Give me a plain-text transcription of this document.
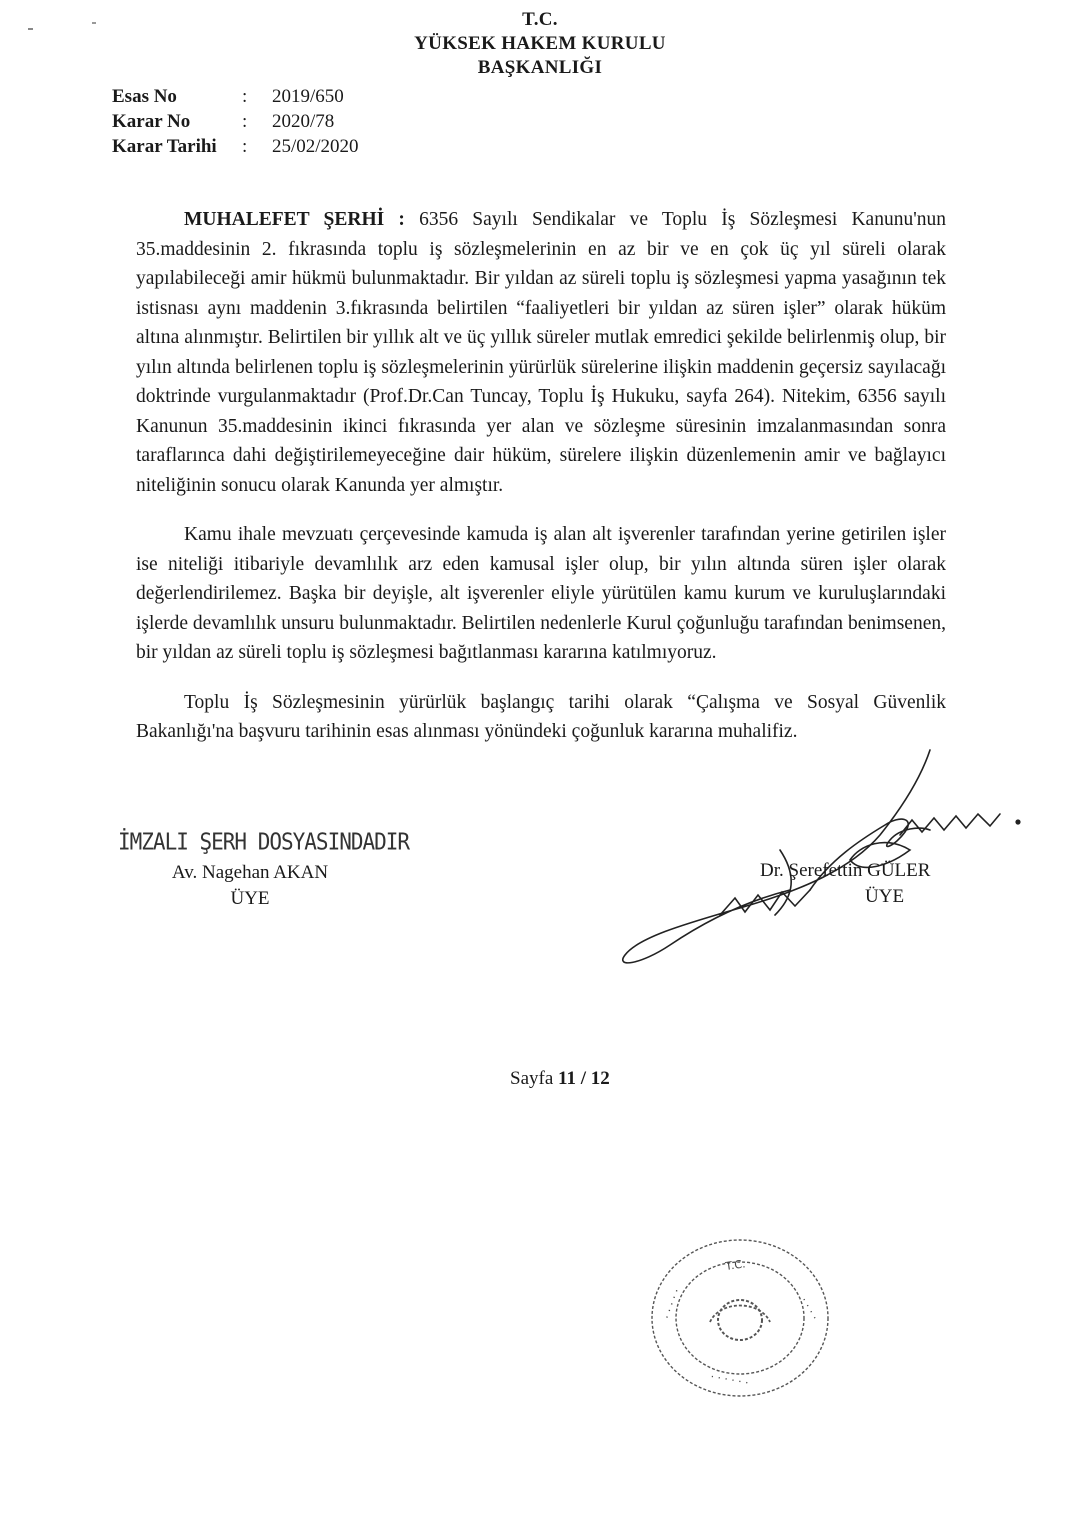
T.C.
YÜKSEK HAKEM KURULU
BAŞKANLIĞI
Esas No	:	2019/650
Karar No	:	2020/78
Karar Tarihi	:	25/02/2020

MUHALEFET ŞERHİ : 6356 Sayılı Sendikalar ve Toplu İş Sözleşmesi Kanunu'nun 35.maddesinin 2. fıkrasında toplu iş sözleşmelerinin en az bir ve en çok üç yıl süreli olarak yapılabileceği amir hükmü bulunmaktadır. Bir yıldan az süreli toplu iş sözleşmesi yapma yasağının tek istisnası aynı maddenin 3.fıkrasında belirtilen “faaliyetleri bir yıldan az süren işler” olarak hüküm altına alınmıştır. Belirtilen bir yıllık alt ve üç yıllık süreler mutlak emredici şekilde belirlenmiş olup, bir yılın altında belirlenen toplu iş sözleşmelerinin yürürlük sürelerine ilişkin maddenin geçersiz sayılacağı doktrinde vurgulanmaktadır (Prof.Dr.Can Tuncay, Toplu İş Hukuku, sayfa 264). Nitekim, 6356 sayılı Kanunun 35.maddesinin ikinci fıkrasında yer alan ve sözleşme süresinin imzalanmasından sonra taraflarınca dahi değiştirilemeyeceğine dair hüküm, sürelere ilişkin düzenlemenin amir ve bağlayıcı niteliğinin sonucu olarak Kanunda yer almıştır.

Kamu ihale mevzuatı çerçevesinde kamuda iş alan alt işverenler tarafından yerine getirilen işler ise niteliği itibariyle devamlılık arz eden kamusal işler olup, bir yılın altında süren işler olarak değerlendirilemez. Başka bir deyişle, alt işverenler eliyle yürütülen kamu kurum ve kuruluşlarındaki işlerde devamlılık unsuru bulunmaktadır. Belirtilen nedenlerle Kurul çoğunluğu tarafından benimsenen, bir yıldan az süreli toplu iş sözleşmesi bağıtlanması kararına katılmıyoruz.

Toplu İş Sözleşmesinin yürürlük başlangıç tarihi olarak “Çalışma ve Sosyal Güvenlik Bakanlığı'na başvuru tarihinin esas alınması yönündeki çoğunluk kararına muhalifiz.

İMZALI ŞERH DOSYASINDADIR
Av. Nagehan AKAN
ÜYE
Dr. Şerefettin GÜLER
ÜYE
T.C.
· · · · ·	· · · ·
· · · · · ·
Sayfa 11 / 12
